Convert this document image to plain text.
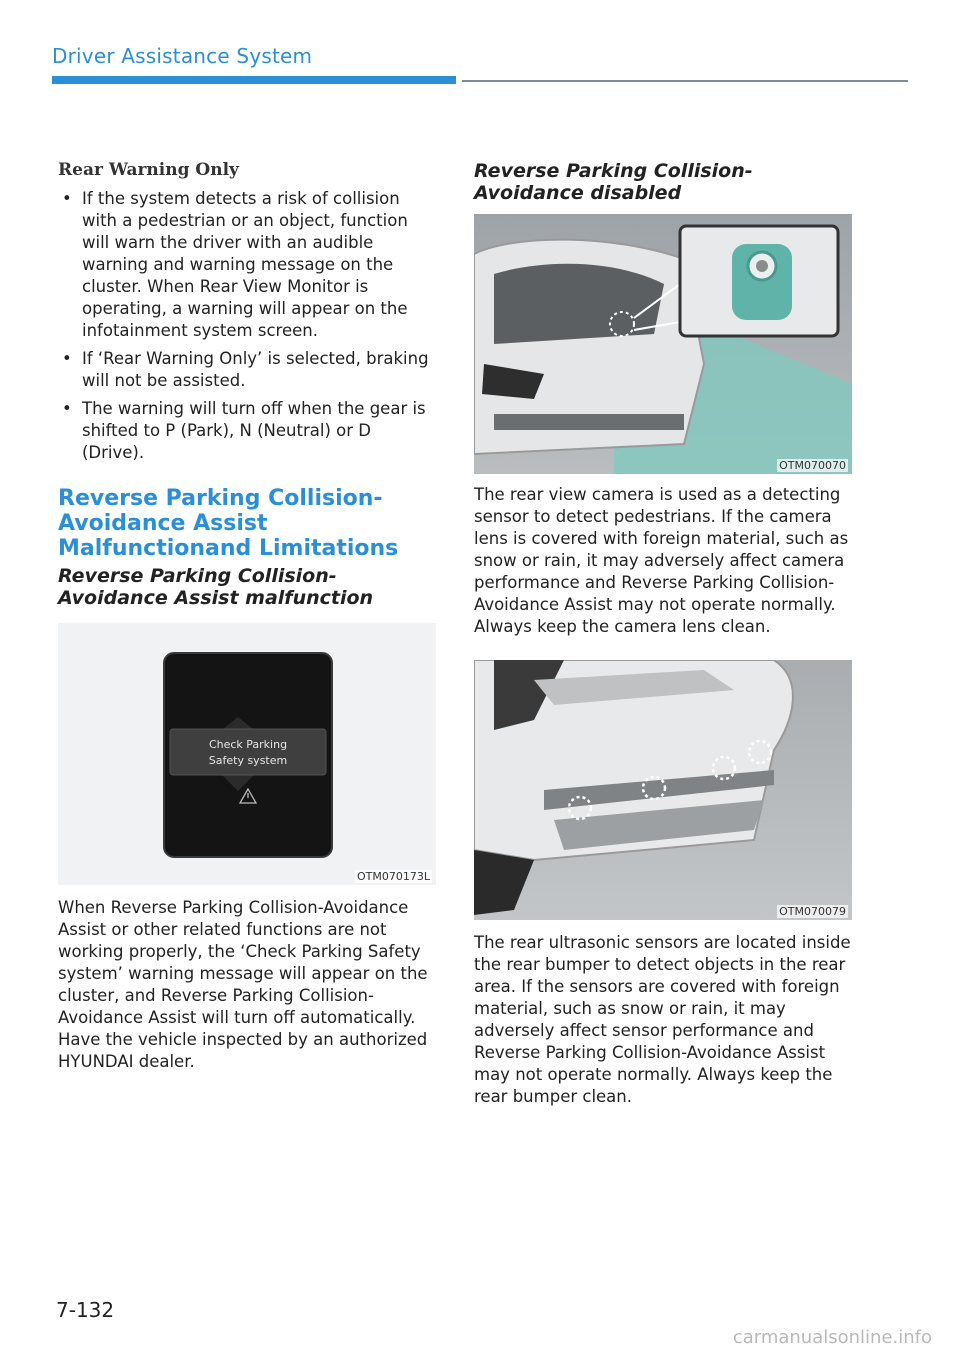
Driver Assistance System
Rear Warning Only
• If the system detects a risk of collision with a pedestrian or an object, function will warn the driver with an audible warning and warning message on the cluster. When Rear View Monitor is operating, a warning will appear on the infotainment system screen.
• If ‘Rear Warning Only’ is selected, braking will not be assisted.
• The warning will turn off when the gear is shifted to P (Park), N (Neutral) or D (Drive).
Reverse Parking Collision-Avoidance Assist Malfunctionand Limitations
Reverse Parking Collision-Avoidance Assist malfunction
Check Parking
Safety system
OTM070173L

When Reverse Parking Collision-Avoidance Assist or other related functions are not working properly, the ‘Check Parking Safety system’ warning message will appear on the cluster, and Reverse Parking Collision-Avoidance Assist will turn off automatically. Have the vehicle inspected by an authorized HYUNDAI dealer.

Reverse Parking Collision-Avoidance disabled
OTM070070

The rear view camera is used as a detecting sensor to detect pedestrians. If the camera lens is covered with foreign material, such as snow or rain, it may adversely affect camera performance and Reverse Parking Collision-Avoidance Assist may not operate normally. Always keep the camera lens clean.

OTM070079

The rear ultrasonic sensors are located inside the rear bumper to detect objects in the rear area. If the sensors are covered with foreign material, such as snow or rain, it may adversely affect sensor performance and Reverse Parking Collision-Avoidance Assist may not operate normally. Always keep the rear bumper clean.

7-132
carmanualsonline.info
